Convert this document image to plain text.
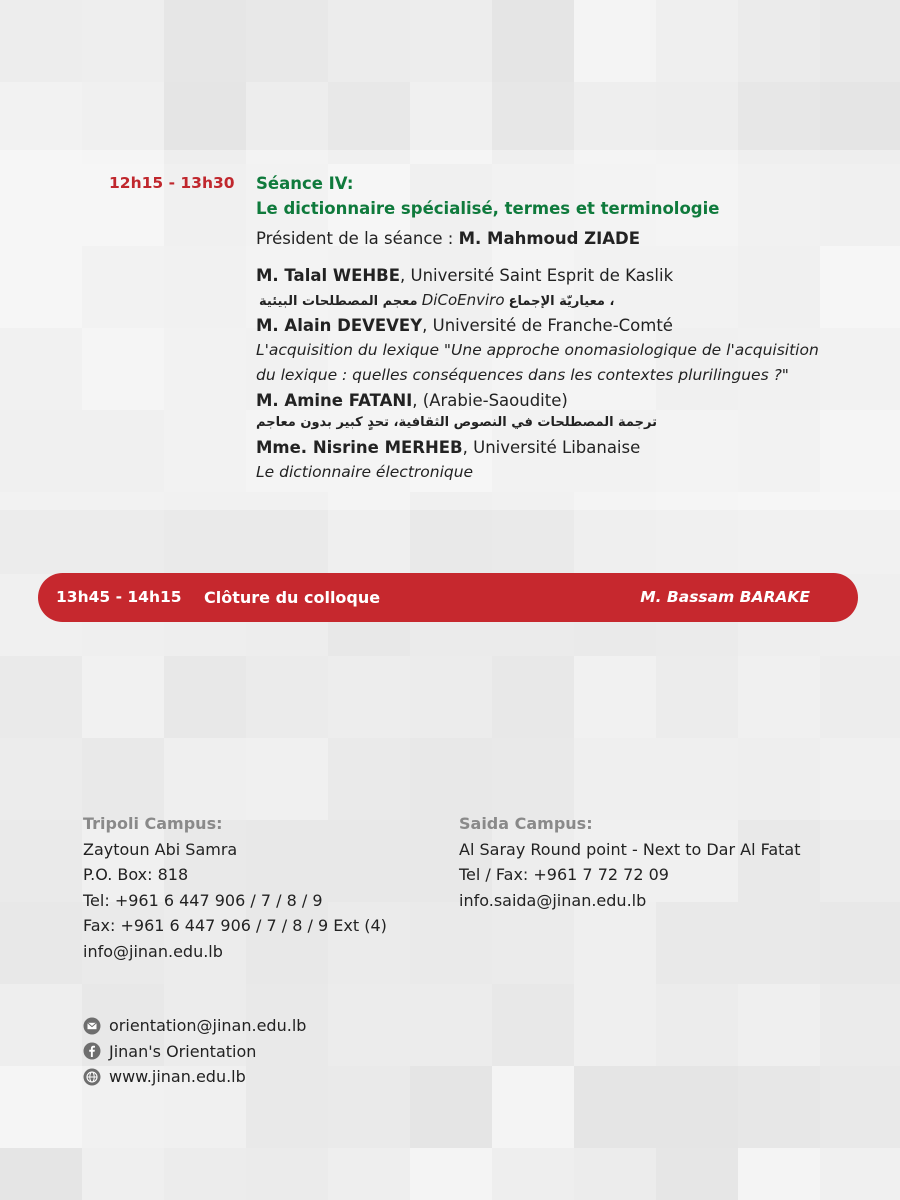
12h15 - 13h30 Séance IV:
Le dictionnaire spécialisé, termes et terminologie
Président de la séance : M. Mahmoud ZIADE
M. Talal WEHBE, Université Saint Esprit de Kaslik
معجم المصطلحات البيئية DiCoEnviro ، معياريّة الإجماع
M. Alain DEVEVEY, Université de Franche-Comté
L'acquisition du lexique "Une approche onomasiologique de l'acquisition
du lexique : quelles conséquences dans les contextes plurilingues ?"
M. Amine FATANI, (Arabie-Saoudite)
ترجمة المصطلحات في النصوص الثقافية، تحدٍ كبير بدون معاجم
Mme. Nisrine MERHEB, Université Libanaise
Le dictionnaire électronique
13h45 - 14h15 Clôture du colloque	M. Bassam BARAKE
Tripoli Campus:
Zaytoun Abi Samra
P.O. Box: 818
Tel: +961 6 447 906 / 7 / 8 / 9
Fax: +961 6 447 906 / 7 / 8 / 9 Ext (4)
info@jinan.edu.lb
Saida Campus:
Al Saray Round point - Next to Dar Al Fatat
Tel / Fax: +961 7 72 72 09
info.saida@jinan.edu.lb
orientation@jinan.edu.lb
Jinan's Orientation
www.jinan.edu.lb
